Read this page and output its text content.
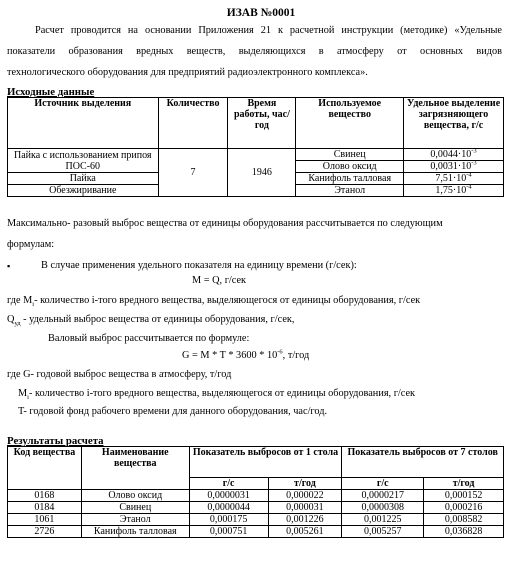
ИЗАВ №0001
Расчет проводится на основании Приложения 21 к расчетной инструкции (методике) «Удельные
показатели образования вредных веществ, выделяющихся в атмосферу от основных видов
технологического оборудования для предприятий радиоэлектронного комплекса».
Исходные данные
Источник выделения	Количество	Время работы, час/год	Используемое вещество	Удельное выделение загрязняющего вещества, г/с
Пайка с использованием припоя ПОС-60	7	1946	Свинец	$0,0044\cdot 10^{-3}$
			Олово оксид	$0,0031\cdot 10^{-3}$
Пайка			Канифоль талловая	$7,51\cdot 10^{-4}$
Обезжиривание			Этанол	$1,75\cdot 10^{-4}$
Максимально- разовый выброс вещества от единицы оборудования рассчитывается по следующим
формулам:
▪	В случае применения удельного показателя на единицу времени (г/сек):
M = Q, г/сек
где $M_i-$ количество i-того вредного вещества, выделяющегося от единицы оборудования, г/сек
$Q_{уд}$ - удельный выброс вещества от единицы оборудования, г/сек,
Валовый выброс рассчитывается по формуле:
$G = M * T * 3600 * 10^{-6}$, т/год
где G- годовой выброс вещества в атмосферу, т/год
$M_i-$ количество i-того вредного вещества, выделяющегося от единицы оборудования, г/сек
T- годовой фонд рабочего времени для данного оборудования, час/год.
Результаты расчета
Код вещества	Наименование вещества	Показатель выбросов от 1 стола		Показатель выбросов от 7 столов	
		г/с	т/год	г/с	т/год
0168	Олово оксид	0,0000031	0,000022	0,0000217	0,000152
0184	Свинец	0,0000044	0,000031	0,0000308	0,000216
1061	Этанол	0,000175	0,001226	0,001225	0,008582
2726	Канифоль талловая	0,000751	0,005261	0,005257	0,036828
